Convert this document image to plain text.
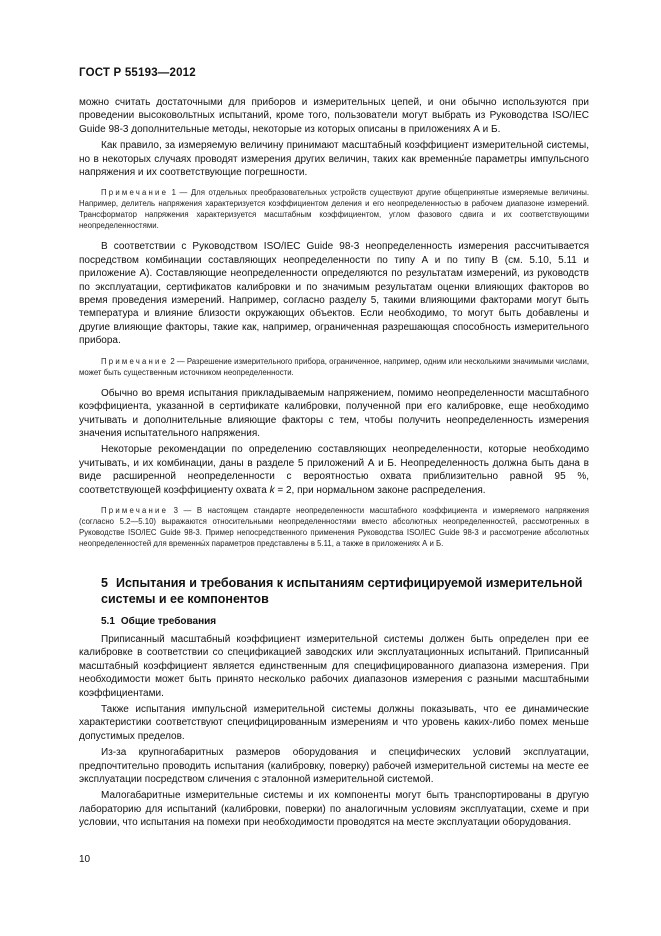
ГОСТ Р 55193—2012

можно считать достаточными для приборов и измерительных цепей, и они обычно используются при проведении высоковольтных испытаний, кроме того, пользователи могут выбрать из Руководства ISO/IEC Guide 98-3 дополнительные методы, некоторые из которых описаны в приложениях А и Б.

Как правило, за измеряемую величину принимают масштабный коэффициент измерительной системы, но в некоторых случаях проводят измерения других величин, таких как временны́е параметры импульсного напряжения и их соответствующие погрешности.

Примечание 1 — Для отдельных преобразовательных устройств существуют другие общепринятые измеряемые величины. Например, делитель напряжения характеризуется коэффициентом деления и его неопределенностью в рабочем диапазоне измерений. Трансформатор напряжения характеризуется масштабным коэффициентом, углом фазового сдвига и их соответствующими неопределенностями.

В соответствии с Руководством ISO/IEC Guide 98-3 неопределенность измерения рассчитывается посредством комбинации составляющих неопределенности по типу А и по типу В (см. 5.10, 5.11 и приложение А). Составляющие неопределенности определяются по результатам измерений, из руководств по эксплуатации, сертификатов калибровки и по значимым результатам оценки влияющих факторов во время проведения измерений. Например, согласно разделу 5, такими влияющими факторами могут быть температура и влияние близости окружающих объектов. Если необходимо, то могут быть добавлены и другие влияющие факторы, такие как, например, ограниченная разрешающая способность измерительного прибора.

Примечание 2 — Разрешение измерительного прибора, ограниченное, например, одним или несколькими значимыми числами, может быть существенным источником неопределенности.

Обычно во время испытания прикладываемым напряжением, помимо неопределенности масштабного коэффициента, указанной в сертификате калибровки, полученной при его калибровке, еще необходимо учитывать и дополнительные влияющие факторы с тем, чтобы получить неопределенность измерения значения испытательного напряжения.

Некоторые рекомендации по определению составляющих неопределенности, которые необходимо учитывать, и их комбинации, даны в разделе 5 приложений А и Б. Неопределенность должна быть дана в виде расширенной неопределенности с вероятностью охвата приблизительно равной 95 %, соответствующей коэффициенту охвата k = 2, при нормальном законе распределения.

Примечание 3 — В настоящем стандарте неопределенности масштабного коэффициента и измеряемого напряжения (согласно 5.2—5.10) выражаются относительными неопределенностями вместо абсолютных неопределенностей, рассмотренных в Руководстве ISO/IEC Guide 98-3. Пример непосредственного применения Руководства ISO/IEC Guide 98-3 и рассмотрение абсолютных неопределенностей для временны́х параметров представлены в 5.11, а также в приложениях А и Б.

5 Испытания и требования к испытаниям сертифицируемой измерительной системы и ее компонентов
5.1 Общие требования

Приписанный масштабный коэффициент измерительной системы должен быть определен при ее калибровке в соответствии со спецификацией заводских или эксплуатационных испытаний. Приписанный масштабный коэффициент является единственным для специфицированного диапазона измерения. При необходимости может быть принято несколько рабочих диапазонов измерения с разными масштабными коэффициентами.

Также испытания импульсной измерительной системы должны показывать, что ее динамические характеристики соответствуют специфицированным измерениям и что уровень каких-либо помех меньше допустимых пределов.

Из-за крупногабаритных размеров оборудования и специфических условий эксплуатации, предпочтительно проводить испытания (калибровку, поверку) рабочей измерительной системы на месте ее эксплуатации посредством сличения с эталонной измерительной системой.

Малогабаритные измерительные системы и их компоненты могут быть транспортированы в другую лабораторию для испытаний (калибровки, поверки) по аналогичным условиям эксплуатации, схеме и при условии, что испытания на помехи при необходимости проводятся на месте эксплуатации оборудования.

10
